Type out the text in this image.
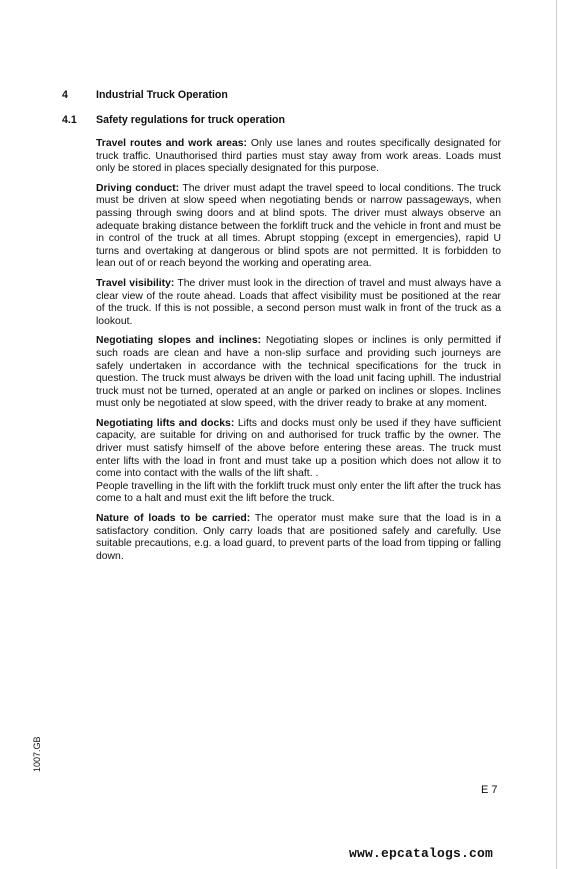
4	Industrial Truck Operation
4.1 Safety regulations for truck operation

Travel routes and work areas: Only use lanes and routes specifically designated for truck traffic. Unauthorised third parties must stay away from work areas. Loads must only be stored in places specially designated for this purpose.

Driving conduct: The driver must adapt the travel speed to local conditions. The truck must be driven at slow speed when negotiating bends or narrow passageways, when passing through swing doors and at blind spots. The driver must always observe an adequate braking distance between the forklift truck and the vehicle in front and must be in control of the truck at all times. Abrupt stopping (except in emergencies), rapid U turns and overtaking at dangerous or blind spots are not permitted. It is forbidden to lean out of or reach beyond the working and operating area.

Travel visibility: The driver must look in the direction of travel and must always have a clear view of the route ahead. Loads that affect visibility must be positioned at the rear of the truck. If this is not possible, a second person must walk in front of the truck as a lookout.

Negotiating slopes and inclines: Negotiating slopes or inclines is only permitted if such roads are clean and have a non-slip surface and providing such journeys are safely undertaken in accordance with the technical specifications for the truck in question. The truck must always be driven with the load unit facing uphill. The industrial truck must not be turned, operated at an angle or parked on inclines or slopes. Inclines must only be negotiated at slow speed, with the driver ready to brake at any moment.

Negotiating lifts and docks: Lifts and docks must only be used if they have sufficient capacity, are suitable for driving on and authorised for truck traffic by the owner. The driver must satisfy himself of the above before entering these areas. The truck must enter lifts with the load in front and must take up a position which does not allow it to come into contact with the walls of the lift shaft. .
People travelling in the lift with the forklift truck must only enter the lift after the truck has come to a halt and must exit the lift before the truck.

Nature of loads to be carried: The operator must make sure that the load is in a satisfactory condition. Only carry loads that are positioned safely and carefully. Use suitable precautions, e.g. a load guard, to prevent parts of the load from tipping or falling down.

1007.GB
E 7
www.epcatalogs.com
